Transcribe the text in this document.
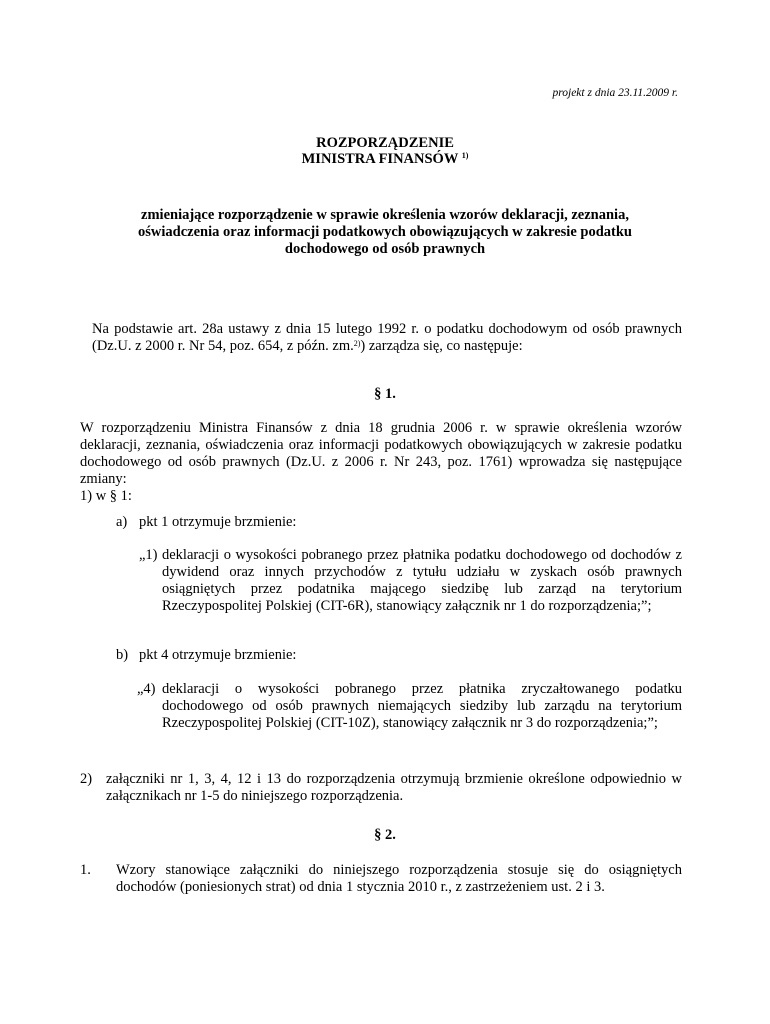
projekt z dnia 23.11.2009 r.
ROZPORZĄDZENIE
MINISTRA FINANSÓW $^{1)}$
zmieniające rozporządzenie w sprawie określenia wzorów deklaracji, zeznania, oświadczenia oraz informacji podatkowych obowiązujących w zakresie podatku dochodowego od osób prawnych
Na podstawie art. 28a ustawy z dnia 15 lutego 1992 r. o podatku dochodowym od osób prawnych (Dz.U. z 2000 r. Nr 54, poz. 654, z późn. zm.$^{2)}$) zarządza się, co następuje:
§ 1.
W rozporządzeniu Ministra Finansów z dnia 18 grudnia 2006 r. w sprawie określenia wzorów deklaracji, zeznania, oświadczenia oraz informacji podatkowych obowiązujących w zakresie podatku dochodowego od osób prawnych (Dz.U. z 2006 r. Nr 243, poz. 1761) wprowadza się następujące zmiany:
1) w § 1:
a) pkt 1 otrzymuje brzmienie:
„1) deklaracji o wysokości pobranego przez płatnika podatku dochodowego od dochodów z dywidend oraz innych przychodów z tytułu udziału w zyskach osób prawnych osiągniętych przez podatnika mającego siedzibę lub zarząd na terytorium Rzeczypospolitej Polskiej (CIT-6R), stanowiący załącznik nr 1 do rozporządzenia;”;
b) pkt 4 otrzymuje brzmienie:
„4) deklaracji o wysokości pobranego przez płatnika zryczałtowanego podatku dochodowego od osób prawnych niemających siedziby lub zarządu na terytorium Rzeczypospolitej Polskiej (CIT-10Z), stanowiący załącznik nr 3 do rozporządzenia;”;
2) załączniki nr 1, 3, 4, 12 i 13 do rozporządzenia otrzymują brzmienie określone odpowiednio w załącznikach nr 1-5 do niniejszego rozporządzenia.
§ 2.
1. Wzory stanowiące załączniki do niniejszego rozporządzenia stosuje się do osiągniętych dochodów (poniesionych strat) od dnia 1 stycznia 2010 r., z zastrzeżeniem ust. 2 i 3.
